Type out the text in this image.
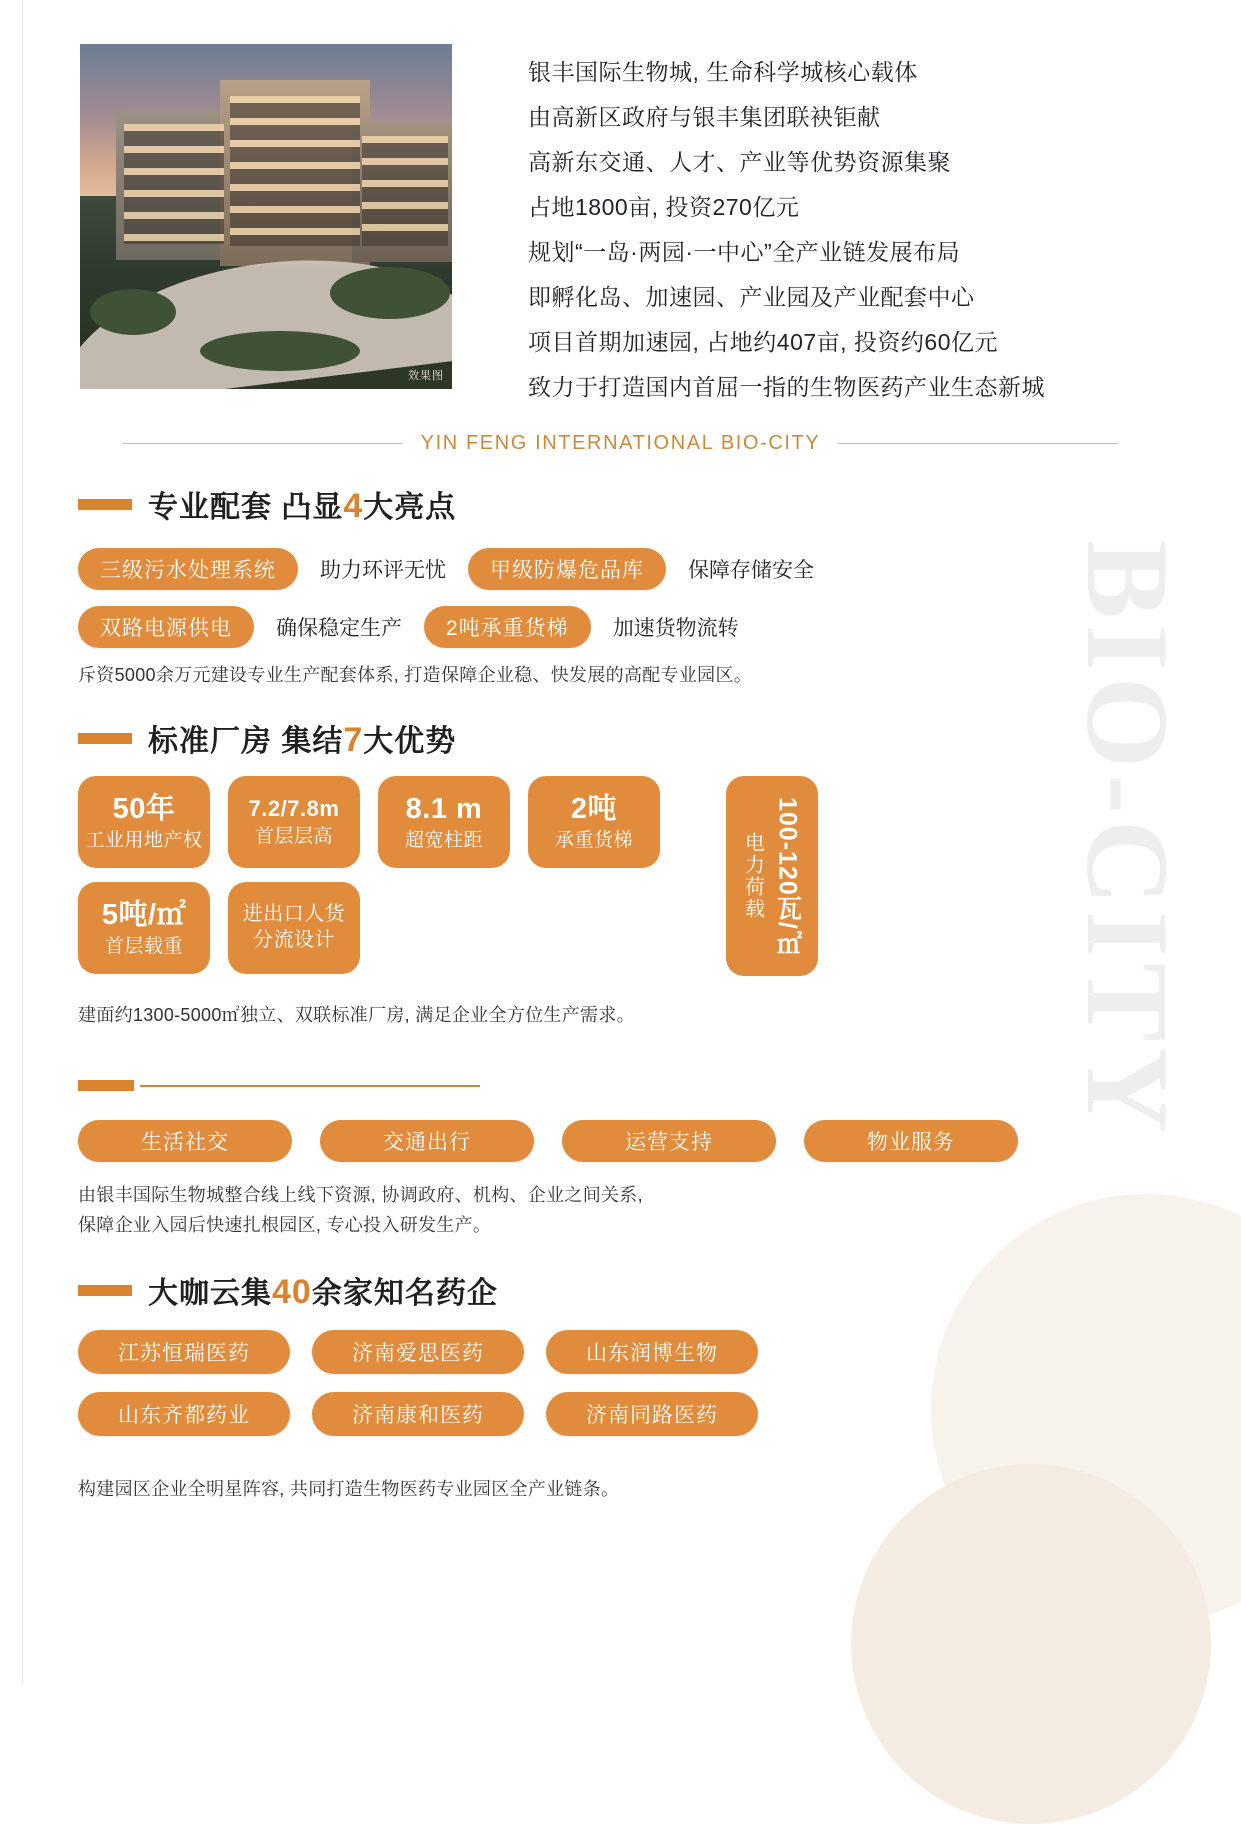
BIO-CITY
效果图
银丰国际生物城, 生命科学城核心载体
由高新区政府与银丰集团联袂钜献
高新东交通、人才、产业等优势资源集聚
占地1800亩, 投资270亿元
规划“一岛·两园·一中心”全产业链发展布局
即孵化岛、加速园、产业园及产业配套中心
项目首期加速园, 占地约407亩, 投资约60亿元
致力于打造国内首屈一指的生物医药产业生态新城
YIN FENG INTERNATIONAL BIO-CITY
专业配套 凸显4大亮点
三级污水处理系统	助力环评无忧	甲级防爆危品库	保障存储安全
双路电源供电	确保稳定生产	2吨承重货梯	加速货物流转
斥资5000余万元建设专业生产配套体系, 打造保障企业稳、快发展的高配专业园区。
标准厂房 集结7大优势
50年
工业用地产权
7.2/7.8m
首层层高
8.1 m
超宽柱距
2吨
承重货梯
5吨/㎡
首层载重
进出口人货
分流设计	100-120瓦/㎡
电力荷载
建面约1300-5000㎡独立、双联标准厂房, 满足企业全方位生产需求。
生活社交	交通出行	运营支持	物业服务
由银丰国际生物城整合线上线下资源, 协调政府、机构、企业之间关系,
保障企业入园后快速扎根园区, 专心投入研发生产。
大咖云集40余家知名药企
江苏恒瑞医药	济南爱思医药	山东润博生物
山东齐都药业	济南康和医药	济南同路医药
构建园区企业全明星阵容, 共同打造生物医药专业园区全产业链条。
